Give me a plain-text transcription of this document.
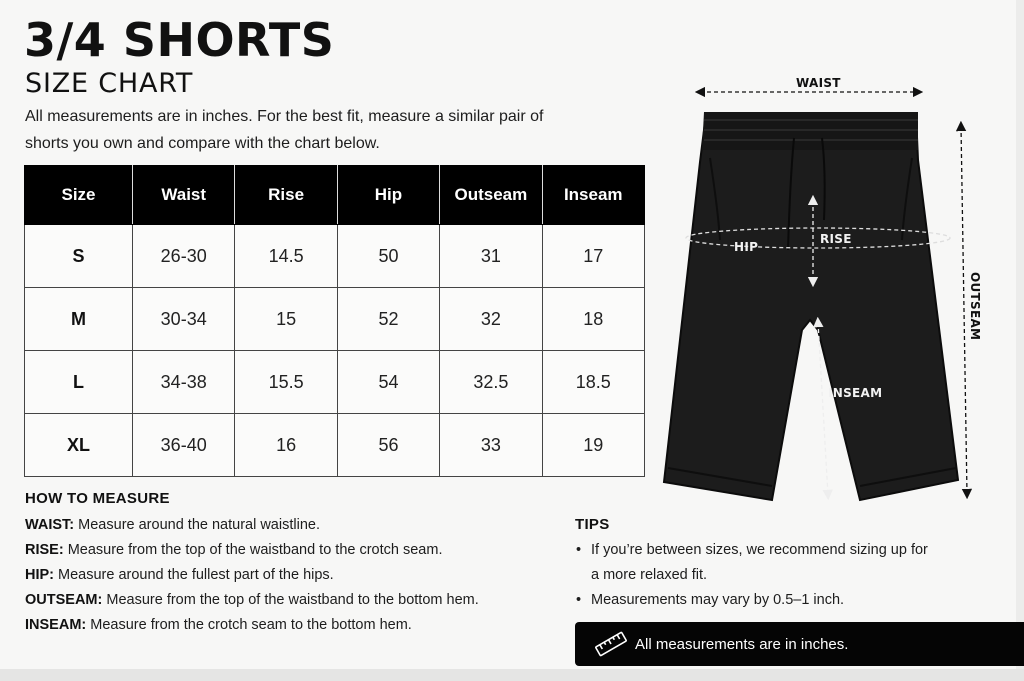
3/4 SHORTS
SIZE CHART

All measurements are in inches. For the best fit, measure a similar pair of shorts you own and compare with the chart below.

Size	Waist	Rise	Hip	Outseam	Inseam
S	26-30	14.5	50	31	17
M	30-34	15	52	32	18
L	34-38	15.5	54	32.5	18.5
XL	36-40	16	56	33	19
HOW TO MEASURE
WAIST: Measure around the natural waistline.
RISE: Measure from the top of the waistband to the crotch seam.
HIP: Measure around the fullest part of the hips.
OUTSEAM: Measure from the top of the waistband to the bottom hem.
INSEAM: Measure from the crotch seam to the bottom hem.
TIPS
• If you’re between sizes, we recommend sizing up for a more relaxed fit.
• Measurements may vary by 0.5–1 inch.
All measurements are in inches.
WAIST
HIP
RISE
INSEAM
OUTSEAM
